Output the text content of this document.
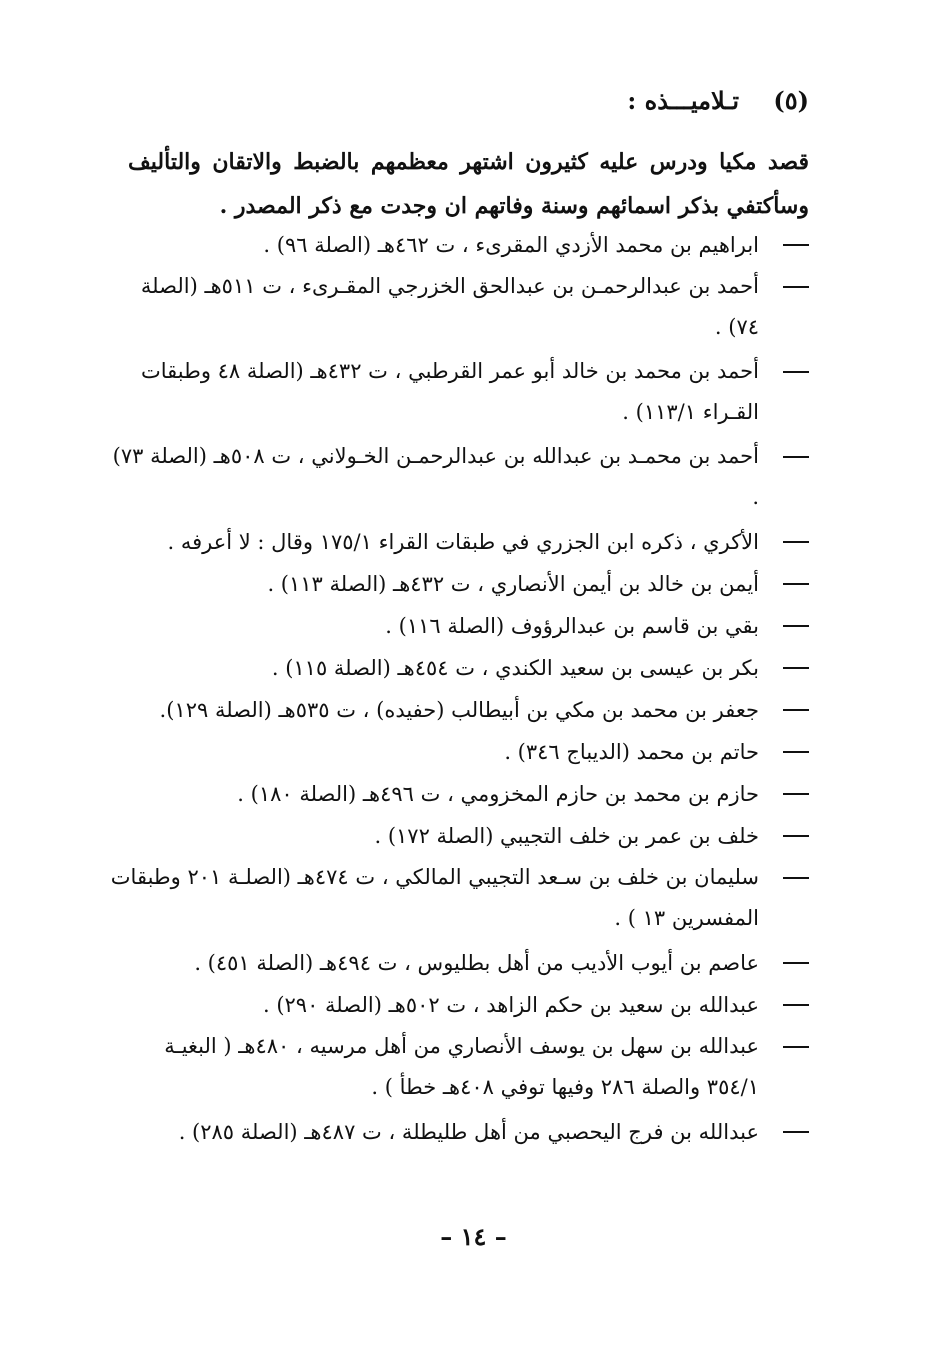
(٥) تـلاميـــذه :
قصد مكيا ودرس عليه كثيرون اشتهر معظمهم بالضبط والاتقان والتأليف وسأكتفي بذكر اسمائهم وسنة وفاتهم ان وجدت مع ذكر المصدر .
ابراهيم بن محمد الأزدي المقرىء ، ت ٤٦٢هـ (الصلة ٩٦) .
أحمد بن عبدالرحمـن بن عبدالحق الخزرجي المقـرىء ، ت ٥١١هـ (الصلة ٧٤) .
أحمد بن محمد بن خالد أبو عمر القرطبي ، ت ٤٣٢هـ (الصلة ٤٨ وطبقات القـراء ١١٣/١) .
أحمد بن محمـد بن عبدالله بن عبدالرحمـن الخـولاني ، ت ٥٠٨هـ (الصلة ٧٣) .
الأكري ، ذكره ابن الجزري في طبقات القراء ١٧٥/١ وقال : لا أعرفه .
أيمن بن خالد بن أيمن الأنصاري ، ت ٤٣٢هـ (الصلة ١١٣) .
بقي بن قاسم بن عبدالرؤوف (الصلة ١١٦) .
بكر بن عيسى بن سعيد الكندي ، ت ٤٥٤هـ (الصلة ١١٥) .
جعفر بن محمد بن مكي بن أبيطالب (حفيده) ، ت ٥٣٥هـ (الصلة ١٢٩).
حاتم بن محمد (الديباج ٣٤٦) .
حازم بن محمد بن حازم المخزومي ، ت ٤٩٦هـ (الصلة ١٨٠) .
خلف بن عمر بن خلف التجيبي (الصلة ١٧٢) .
سليمان بن خلف بن سـعد التجيبي المالكي ، ت ٤٧٤هـ (الصلـة ٢٠١ وطبقات المفسرين ١٣ ) .
عاصم بن أيوب الأديب من أهل بطليوس ، ت ٤٩٤هـ (الصلة ٤٥١) .
عبدالله بن سعيد بن حكم الزاهد ، ت ٥٠٢هـ (الصلة ٢٩٠) .
عبدالله بن سهل بن يوسف الأنصاري من أهل مرسيه ، ٤٨٠هـ ( البغيـة ٣٥٤/١ والصلة ٢٨٦ وفيها توفي ٤٠٨هـ خطأ ) .
عبدالله بن فرج اليحصبي من أهل طليطلة ، ت ٤٨٧هـ (الصلة ٢٨٥) .
– ١٤ –
